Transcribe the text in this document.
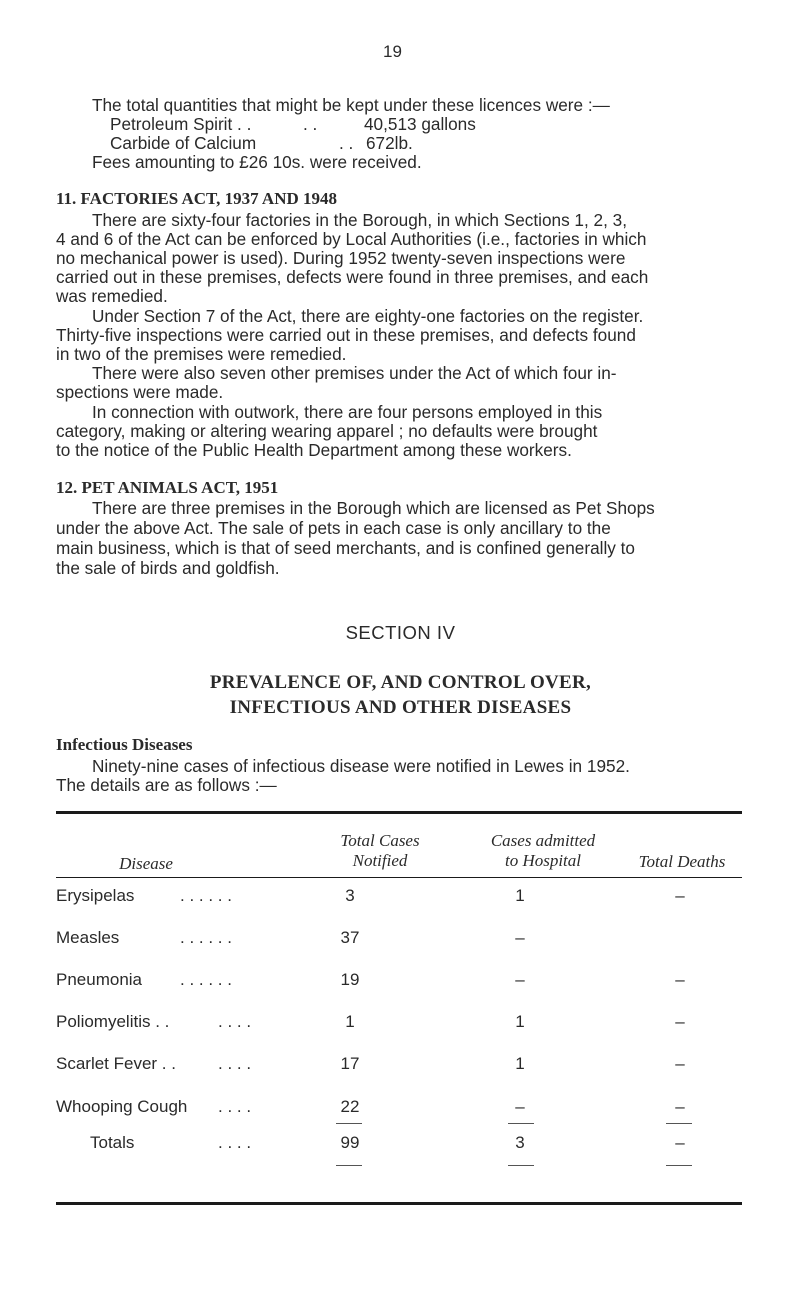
19
The total quantities that might be kept under these licences were :—
Petroleum Spirit . .	. .	40,513 gallons
Carbide of Calcium	. . 672lb.
Fees amounting to £26 10s. were received.
11. FACTORIES ACT, 1937 AND 1948
There are sixty-four factories in the Borough, in which Sections 1, 2, 3,
4 and 6 of the Act can be enforced by Local Authorities (i.e., factories in which
no mechanical power is used). During 1952 twenty-seven inspections were
carried out in these premises, defects were found in three premises, and each
was remedied.
Under Section 7 of the Act, there are eighty-one factories on the register.
Thirty-five inspections were carried out in these premises, and defects found
in two of the premises were remedied.
There were also seven other premises under the Act of which four in-
spections were made.
In connection with outwork, there are four persons employed in this
category, making or altering wearing apparel ; no defaults were brought
to the notice of the Public Health Department among these workers.
12. PET ANIMALS ACT, 1951
There are three premises in the Borough which are licensed as Pet Shops
under the above Act. The sale of pets in each case is only ancillary to the
main business, which is that of seed merchants, and is confined generally to
the sale of birds and goldfish.
SECTION IV
PREVALENCE OF, AND CONTROL OVER,
INFECTIOUS AND OTHER DISEASES
Infectious Diseases
Ninety-nine cases of infectious disease were notified in Lewes in 1952.
The details are as follows :—
Disease
Total Cases
Notified
Cases admitted
to Hospital	Total Deaths
Erysipelas	. . . . . .	3	1	–
Measles	. . . . . .	37	–
Pneumonia . . . . . .	19	–	–
Poliomyelitis . .	. . . .	1	1	–
Scarlet Fever . . . . . .	17	1	–
Whooping Cough . . . .	22	–	–
Totals	. . . .	99	3	–
